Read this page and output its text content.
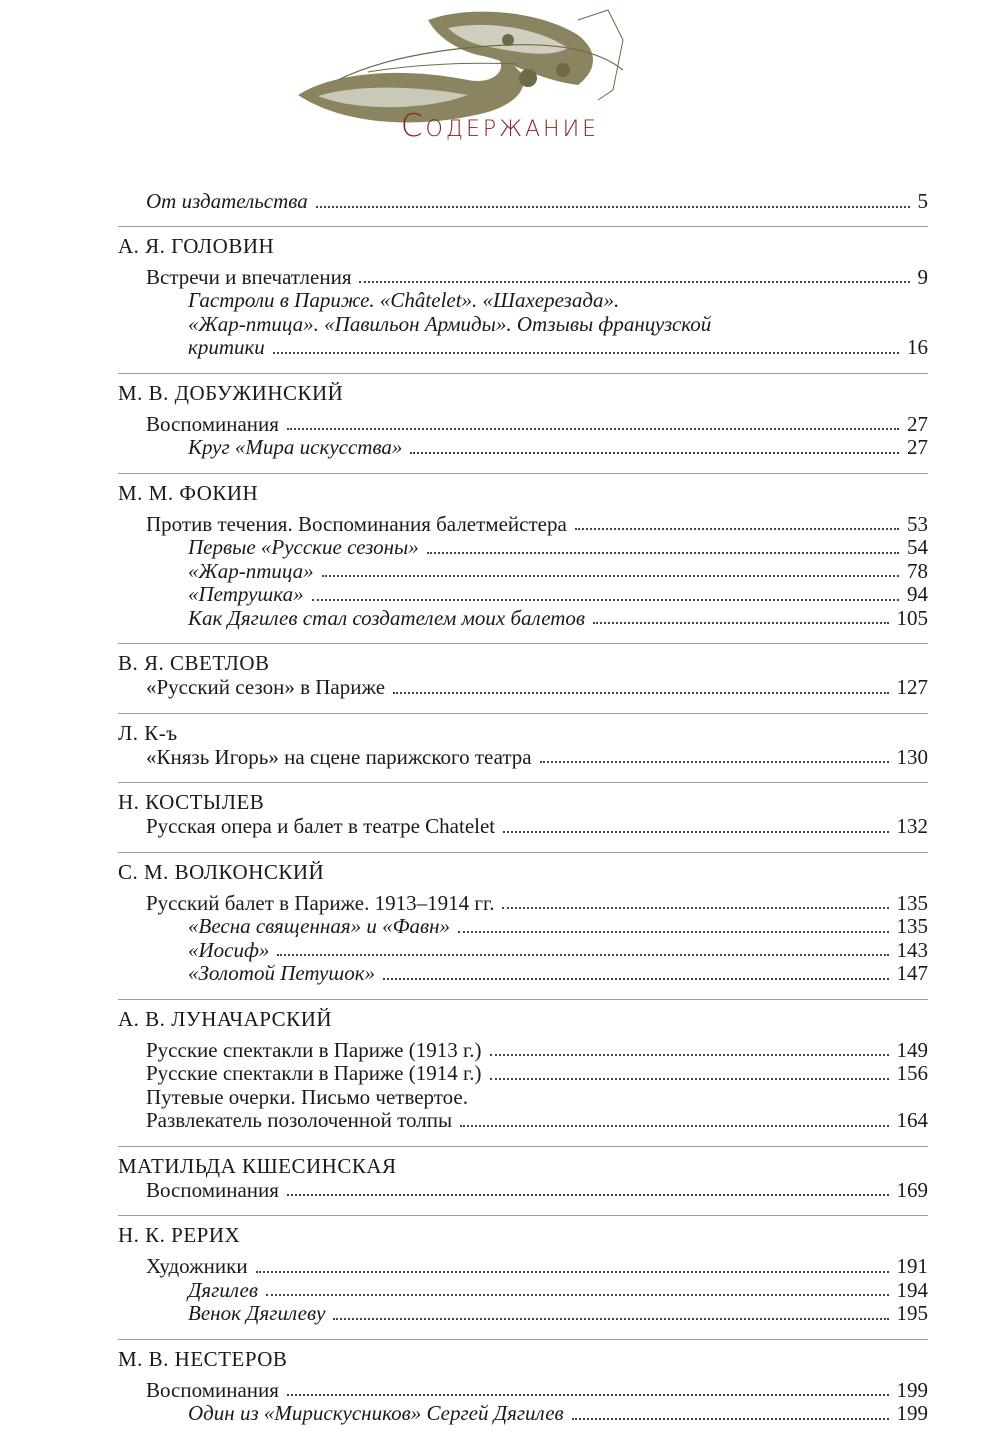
Содержание
От издательства	5
А. Я. ГОЛОВИН
Встречи и впечатления	9
Гастроли в Париже. «Châtelet». «Шахерезада».
«Жар-птица». «Павильон Армиды». Отзывы французской
критики	16
М. В. ДОБУЖИНСКИЙ
Воспоминания	27
Круг «Мира искусства»	27
М. М. ФОКИН
Против течения. Воспоминания балетмейстера	53
Первые «Русские сезоны»	54
«Жар-птица»	78
«Петрушка»	94
Как Дягилев стал создателем моих балетов	105
В. Я. СВЕТЛОВ
«Русский сезон» в Париже	127
Л. К-ъ
«Князь Игорь» на сцене парижского театра	130
Н. КОСТЫЛЕВ
Русская опера и балет в театре Chatelet	132
С. М. ВОЛКОНСКИЙ
Русский балет в Париже. 1913–1914 гг.	135
«Весна священная» и «Фавн»	135
«Иосиф»	143
«Золотой Петушок»	147
А. В. ЛУНАЧАРСКИЙ
Русские спектакли в Париже (1913 г.)	149
Русские спектакли в Париже (1914 г.)	156
Путевые очерки. Письмо четвертое.
Развлекатель позолоченной толпы	164
МАТИЛЬДА КШЕСИНСКАЯ
Воспоминания	169
Н. К. РЕРИХ
Художники	191
Дягилев	194
Венок Дягилеву	195
М. В. НЕСТЕРОВ
Воспоминания	199
Один из «Мирискусников» Сергей Дягилев	199
